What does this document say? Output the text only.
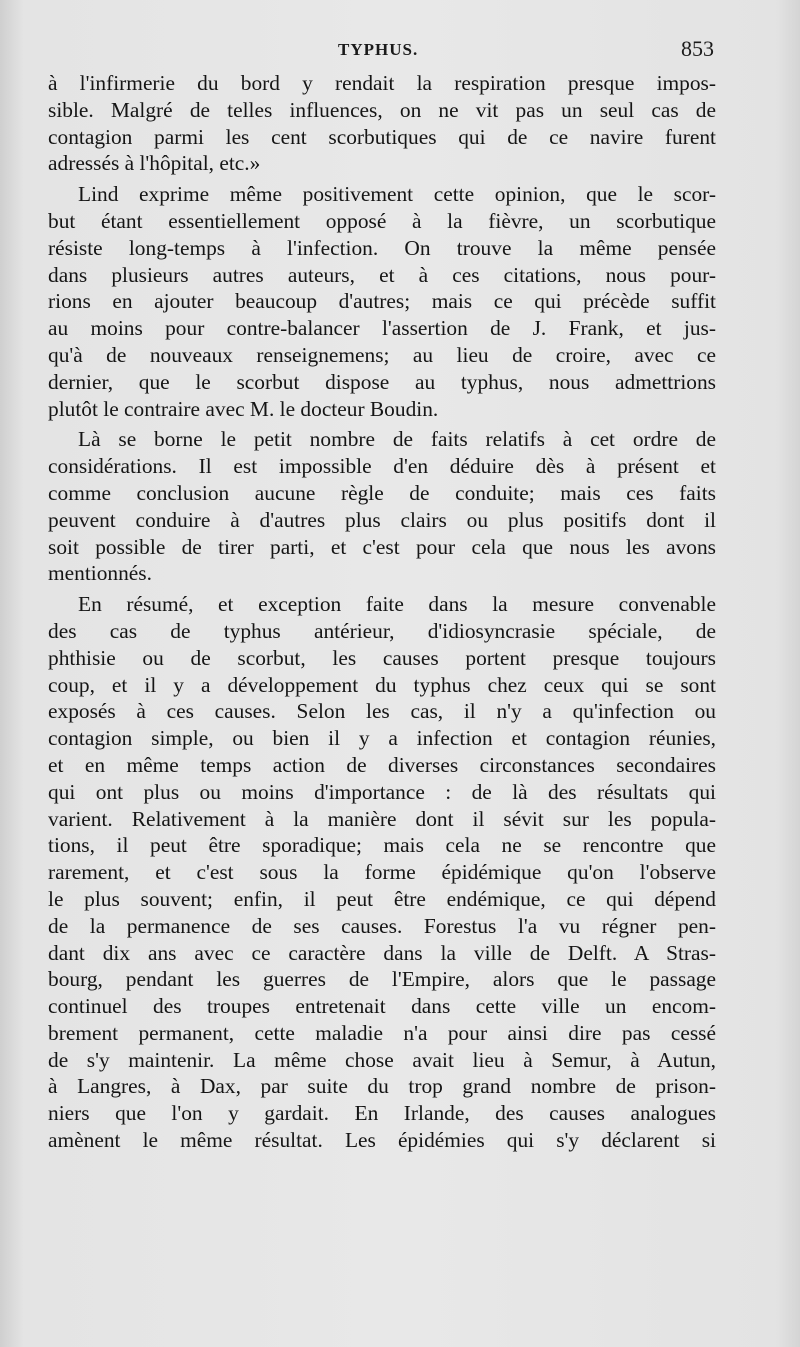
TYPHUS.	853
à l'infirmerie du bord y rendait la respiration presque impos-
sible. Malgré de telles influences, on ne vit pas un seul cas de
contagion parmi les cent scorbutiques qui de ce navire furent
adressés à l'hôpital, etc.»
Lind exprime même positivement cette opinion, que le scor-
but étant essentiellement opposé à la fièvre, un scorbutique
résiste long-temps à l'infection. On trouve la même pensée
dans plusieurs autres auteurs, et à ces citations, nous pour-
rions en ajouter beaucoup d'autres; mais ce qui précède suffit
au moins pour contre-balancer l'assertion de J. Frank, et jus-
qu'à de nouveaux renseignemens; au lieu de croire, avec ce
dernier, que le scorbut dispose au typhus, nous admettrions
plutôt le contraire avec M. le docteur Boudin.
Là se borne le petit nombre de faits relatifs à cet ordre de
considérations. Il est impossible d'en déduire dès à présent et
comme conclusion aucune règle de conduite; mais ces faits
peuvent conduire à d'autres plus clairs ou plus positifs dont il
soit possible de tirer parti, et c'est pour cela que nous les avons
mentionnés.
En résumé, et exception faite dans la mesure convenable
des cas de typhus antérieur, d'idiosyncrasie spéciale, de
phthisie ou de scorbut, les causes portent presque toujours
coup, et il y a développement du typhus chez ceux qui se sont
exposés à ces causes. Selon les cas, il n'y a qu'infection ou
contagion simple, ou bien il y a infection et contagion réunies,
et en même temps action de diverses circonstances secondaires
qui ont plus ou moins d'importance : de là des résultats qui
varient. Relativement à la manière dont il sévit sur les popula-
tions, il peut être sporadique; mais cela ne se rencontre que
rarement, et c'est sous la forme épidémique qu'on l'observe
le plus souvent; enfin, il peut être endémique, ce qui dépend
de la permanence de ses causes. Forestus l'a vu régner pen-
dant dix ans avec ce caractère dans la ville de Delft. A Stras-
bourg, pendant les guerres de l'Empire, alors que le passage
continuel des troupes entretenait dans cette ville un encom-
brement permanent, cette maladie n'a pour ainsi dire pas cessé
de s'y maintenir. La même chose avait lieu à Semur, à Autun,
à Langres, à Dax, par suite du trop grand nombre de prison-
niers que l'on y gardait. En Irlande, des causes analogues
amènent le même résultat. Les épidémies qui s'y déclarent si
